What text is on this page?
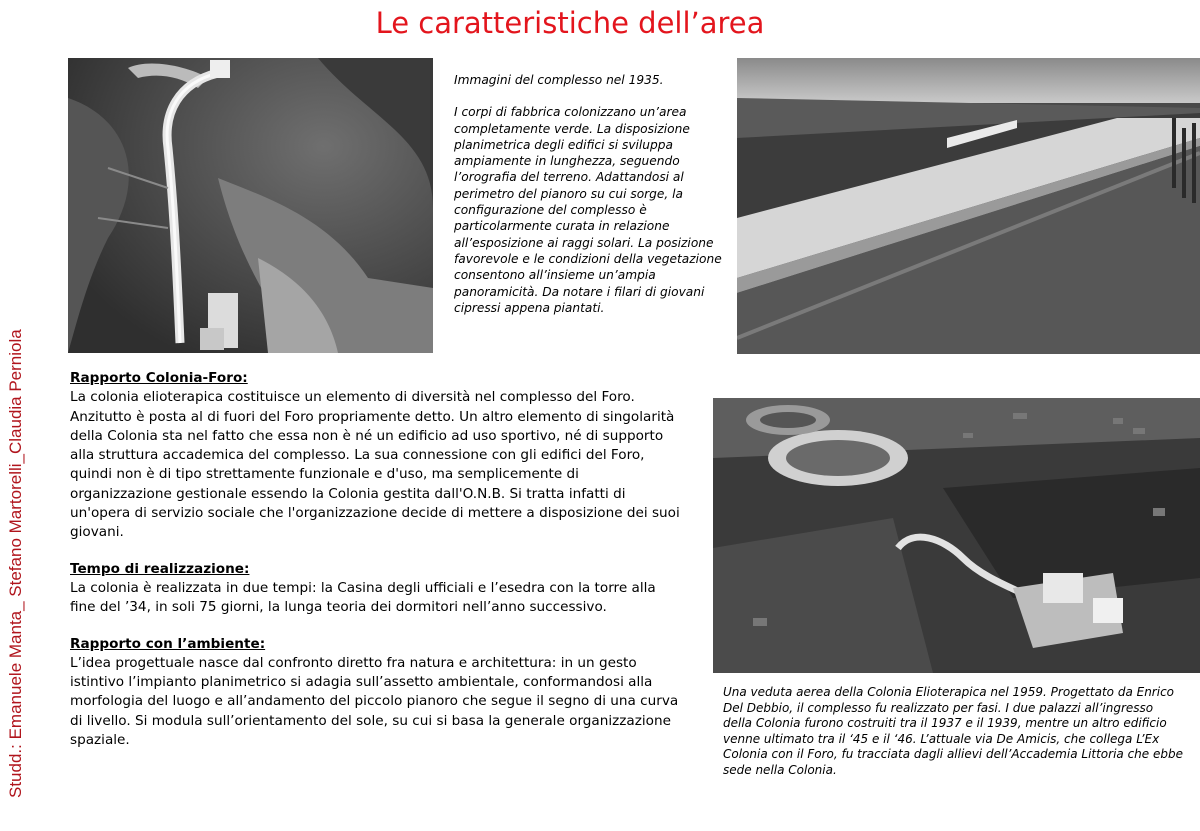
Le caratteristiche dell’area
Studd.: Emanuele Manta_ Stefano Martorelli_Claudia Perniola

Immagini del complesso nel 1935.

I corpi di fabbrica colonizzano un’area completamente verde. La disposizione planimetrica degli edifici si sviluppa ampiamente in lunghezza, seguendo l’orografia del terreno. Adattandosi al perimetro del pianoro su cui sorge, la configurazione del complesso è particolarmente curata in relazione all’esposizione ai raggi solari. La posizione favorevole e le condizioni della vegetazione consentono all’insieme un’ampia panoramicità. Da notare i filari di giovani cipressi appena piantati.

Rapporto Colonia-Foro:

La colonia elioterapica costituisce un elemento di diversità nel complesso del Foro. Anzitutto è posta al di fuori del Foro propriamente detto. Un altro elemento di singolarità della Colonia sta nel fatto che essa non è né un edificio ad uso sportivo, né di supporto alla struttura accademica del complesso. La sua connessione con gli edifici del Foro, quindi non è di tipo strettamente funzionale e d'uso, ma semplicemente di organizzazione gestionale essendo la Colonia gestita dall'O.N.B. Si tratta infatti di un'opera di servizio sociale che l'organizzazione decide di mettere a disposizione dei suoi giovani.

Tempo di realizzazione:

La colonia è realizzata in due tempi: la Casina degli ufficiali e l’esedra con la torre alla fine del ’34, in soli 75 giorni, la lunga teoria dei dormitori nell’anno successivo.

Rapporto con l’ambiente:

L’idea progettuale nasce dal confronto diretto fra natura e architettura: in un gesto istintivo l’impianto planimetrico si adagia sull’assetto ambientale, conformandosi alla morfologia del luogo e all’andamento del piccolo pianoro che segue il segno di una curva di livello. Si modula sull’orientamento del sole, su cui si basa la generale organizzazione spaziale.

Una veduta aerea della Colonia Elioterapica nel 1959. Progettato da Enrico Del Debbio, il complesso fu realizzato per fasi. I due palazzi all’ingresso della Colonia furono costruiti tra il 1937 e il 1939, mentre un altro edificio venne ultimato tra il ‘45 e il ‘46. L’attuale via De Amicis, che collega L’Ex Colonia con il Foro, fu tracciata dagli allievi dell’Accademia Littoria che ebbe sede nella Colonia.
